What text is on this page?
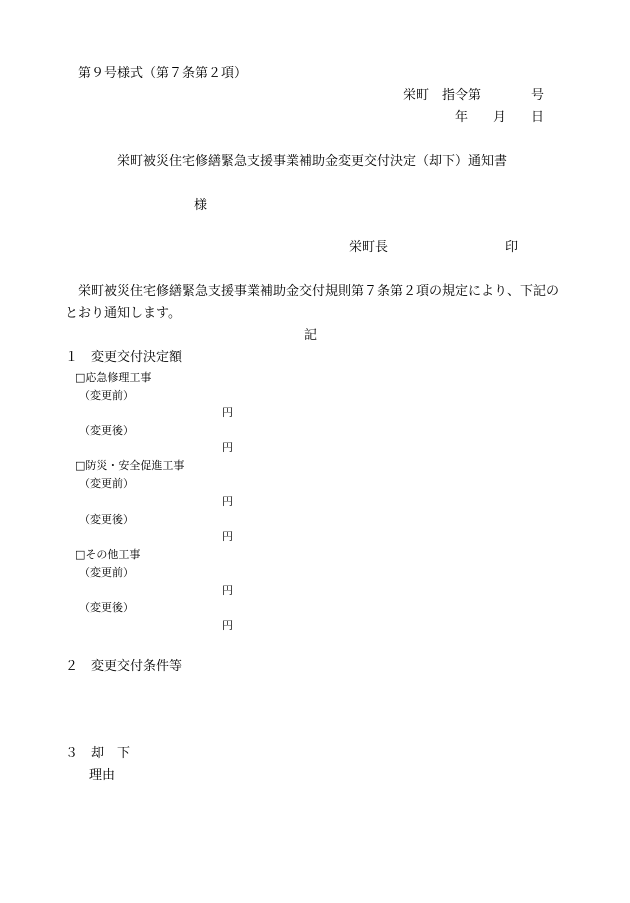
第９号様式（第７条第２項）
栄町　指令第	号
年 月 日
栄町被災住宅修繕緊急支援事業補助金変更交付決定（却下）通知書
様
栄町長	印
栄町被災住宅修繕緊急支援事業補助金交付規則第７条第２項の規定により、下記の
とおり通知します。
記
１　変更交付決定額
□応急修理工事
（変更前）
円
（変更後）
円
□防災・安全促進工事
（変更前）
円
（変更後）
円
□その他工事
（変更前）
円
（変更後）
円
２　変更交付条件等
３　却　下
理由
